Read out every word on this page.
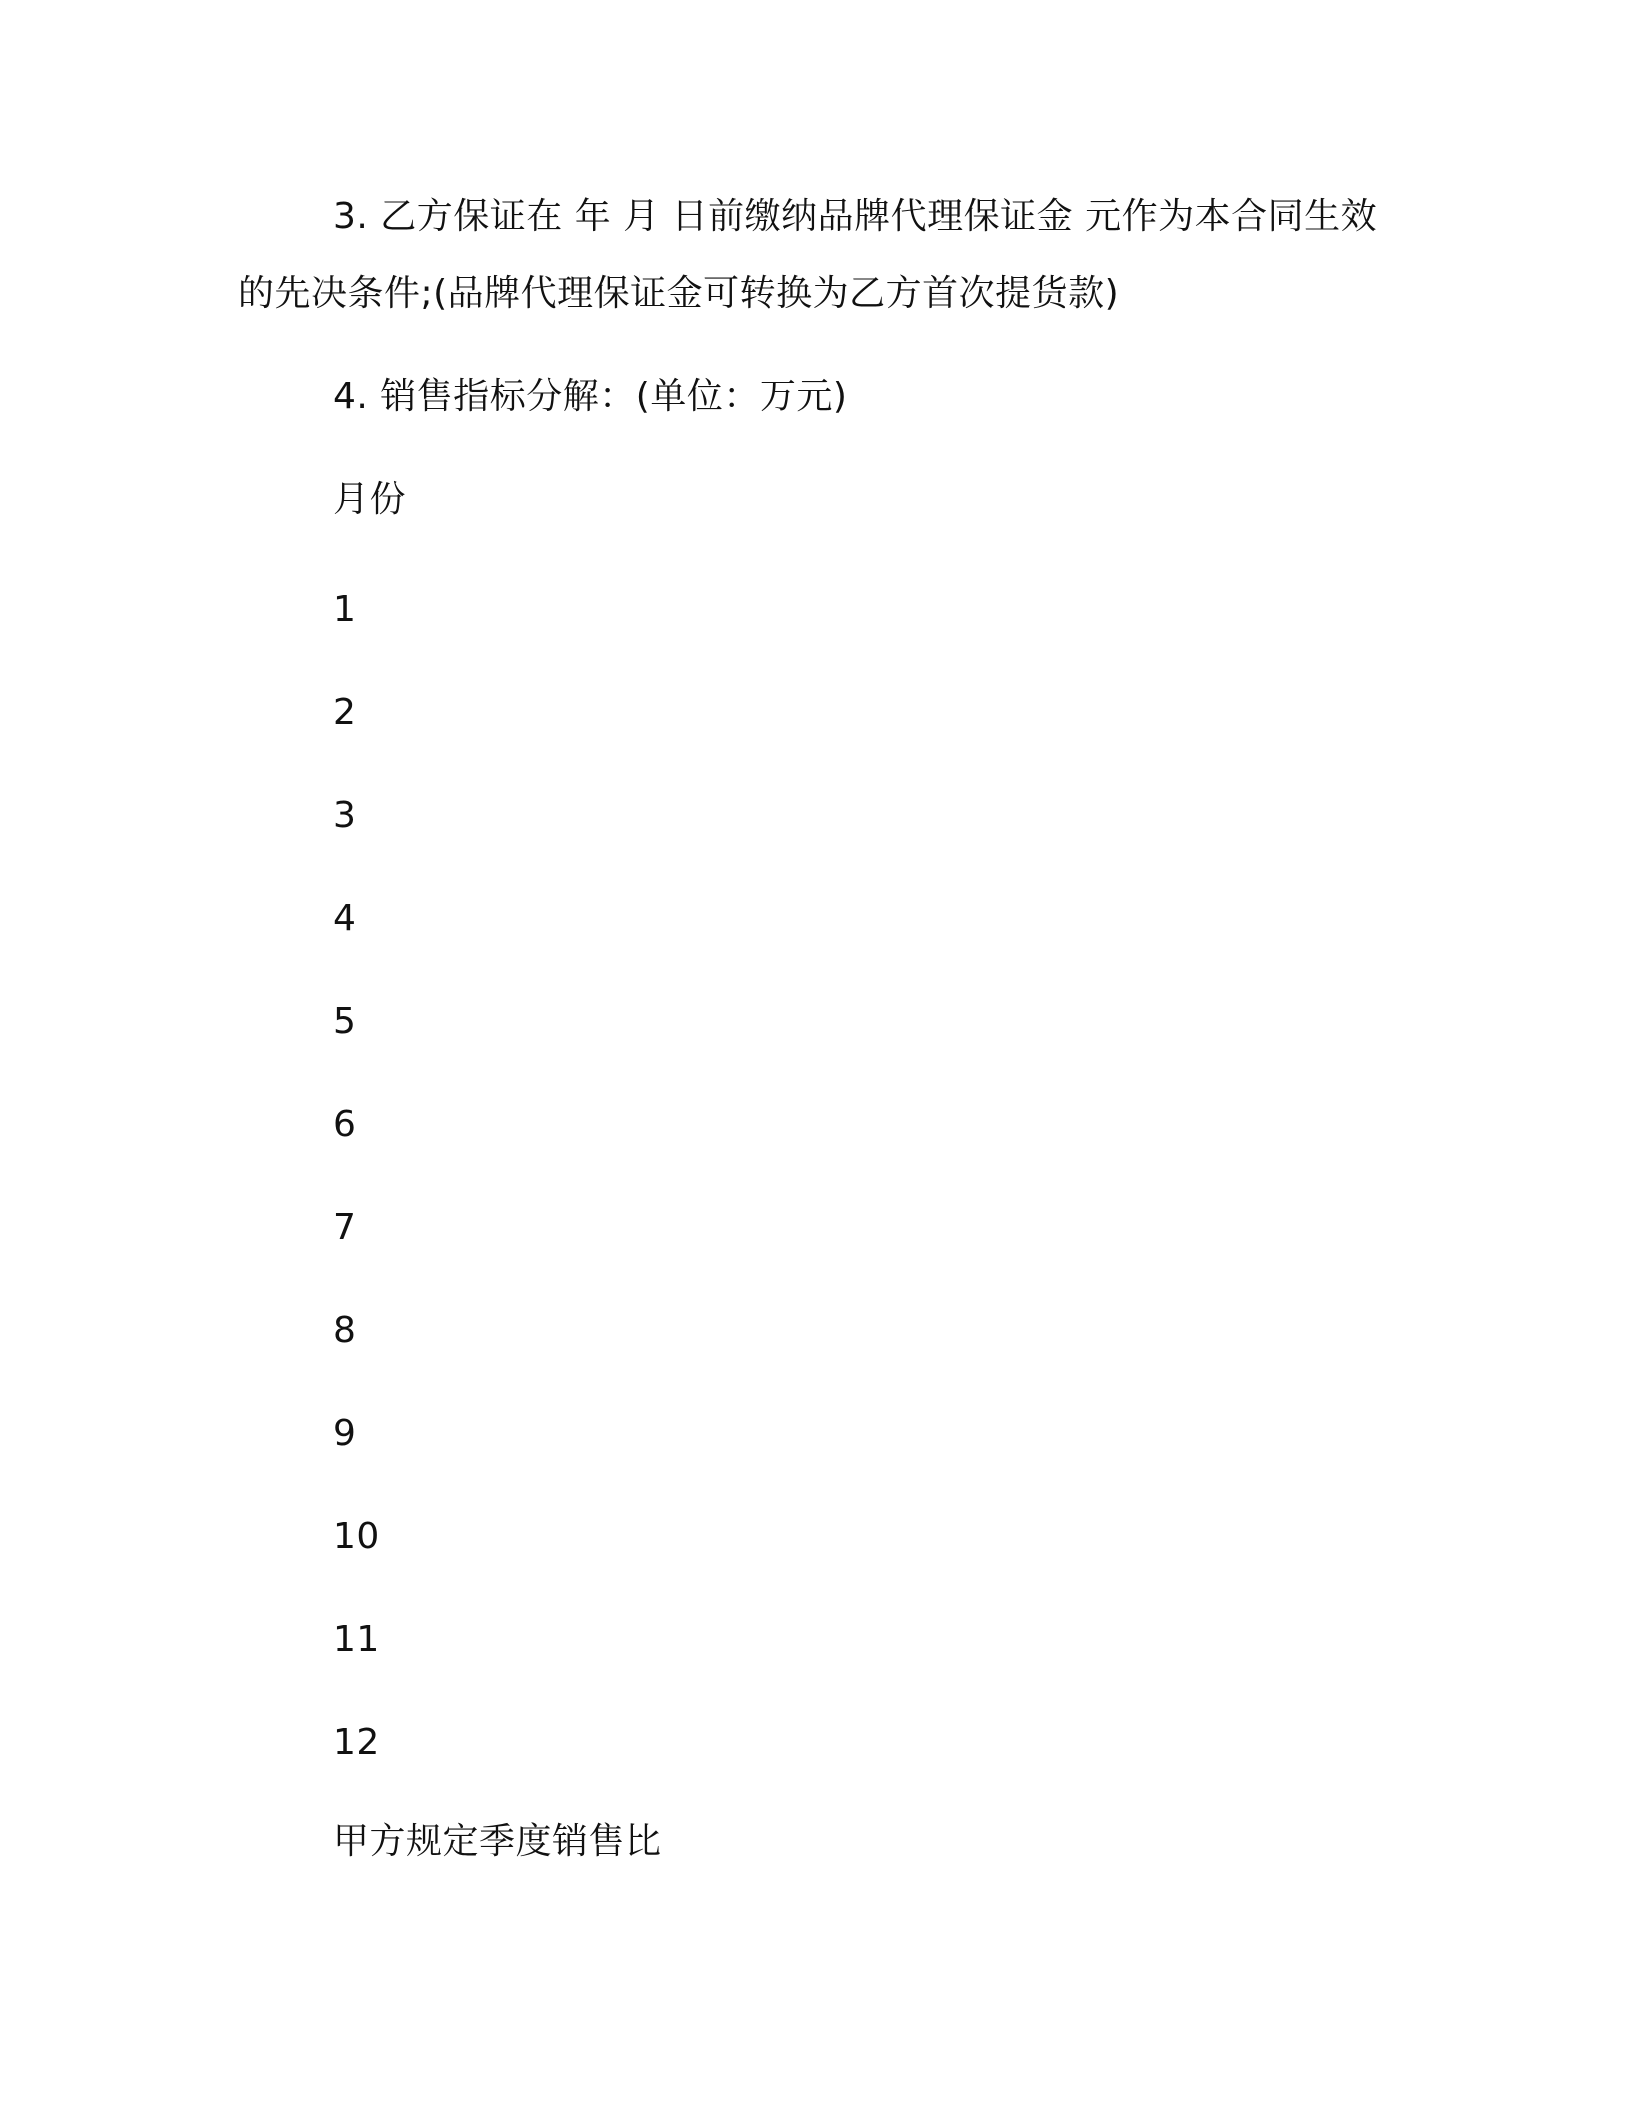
3. 乙方保证在 年 月 日前缴纳品牌代理保证金 元作为本合同生效
的先决条件;(品牌代理保证金可转换为乙方首次提货款)
4. 销售指标分解：(单位：万元)
月份
1
2
3
4
5
6
7
8
9
10
11
12
甲方规定季度销售比
